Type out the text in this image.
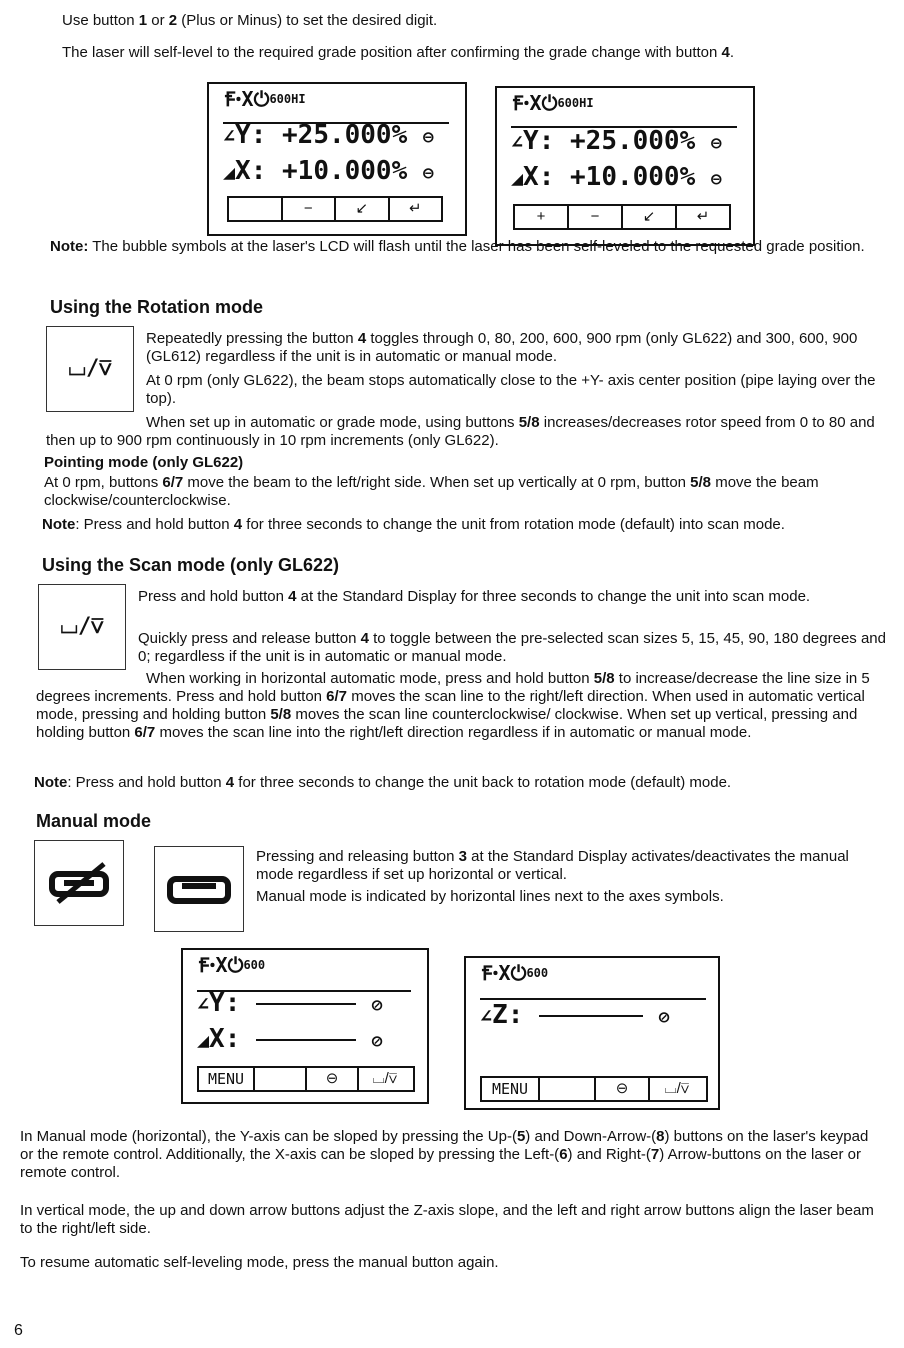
Use button 1 or 2 (Plus or Minus) to set the desired digit.

The laser will self-level to the required grade position after confirming the grade change with button 4.

ꞘꞏX⏻$^{600HI}$
∠Y: +25.000% ⊖
◢X: +10.000% ⊖
−	↙	↵
ꞘꞏX⏻$^{600HI}$
∠Y: +25.000% ⊖
◢X: +10.000% ⊖
+	−	↙	↵

Note: The bubble symbols at the laser's LCD will flash until the laser has been self-leveled to the requested grade position.

Using the Rotation mode
⌴/⊽

Repeatedly pressing the button 4 toggles through 0, 80, 200, 600, 900 rpm (only GL622) and 300, 600, 900 (GL612) regardless if the unit is in automatic or manual mode.

At 0 rpm (only GL622), the beam stops automatically close to the +Y- axis center position (pipe laying over the top).

When set up in automatic or grade mode, using buttons 5/8 increases/decreases rotor speed from 0 to 80 and then up to 900 rpm continuously in 10 rpm increments (only GL622).

Pointing mode (only GL622)

At 0 rpm, buttons 6/7 move the beam to the left/right side. When set up vertically at 0 rpm, button 5/8 move the beam clockwise/counterclockwise.

Note: Press and hold button 4 for three seconds to change the unit from rotation mode (default) into scan mode.

Using the Scan mode (only GL622)
⌴/⊽

Press and hold button 4 at the Standard Display for three seconds to change the unit into scan mode.

Quickly press and release button 4 to toggle between the pre-selected scan sizes 5, 15, 45, 90, 180 degrees and 0; regardless if the unit is in automatic or manual mode.

When working in horizontal automatic mode, press and hold button 5/8 to increase/decrease the line size in 5 degrees increments. Press and hold button 6/7 moves the scan line to the right/left direction. When used in automatic vertical mode, pressing and holding button 5/8 moves the scan line counterclockwise/ clockwise. When set up vertical, pressing and holding button 6/7 moves the scan line into the right/left direction regardless if in automatic or manual mode.

Note: Press and hold button 4 for three seconds to change the unit back to rotation mode (default) mode.

Manual mode

Pressing and releasing button 3 at the Standard Display activates/deactivates the manual mode regardless if set up horizontal or vertical.

Manual mode is indicated by horizontal lines next to the axes symbols.

ꞘꞏX⏻$^{600}$
∠Y:	⊘
◢X:	⊘
MENU	⊖	⌴/⊽
ꞘꞏX⏻$^{600}$
∠Z:	⊘
MENU	⊖	⌴/⊽

In Manual mode (horizontal), the Y-axis can be sloped by pressing the Up-(5) and Down-Arrow-(8) buttons on the laser's keypad or the remote control. Additionally, the X-axis can be sloped by pressing the Left-(6) and Right-(7) Arrow-buttons on the laser or remote control.

In vertical mode, the up and down arrow buttons adjust the Z-axis slope, and the left and right arrow buttons align the laser beam to the right/left side.

To resume automatic self-leveling mode, press the manual button again.

6
